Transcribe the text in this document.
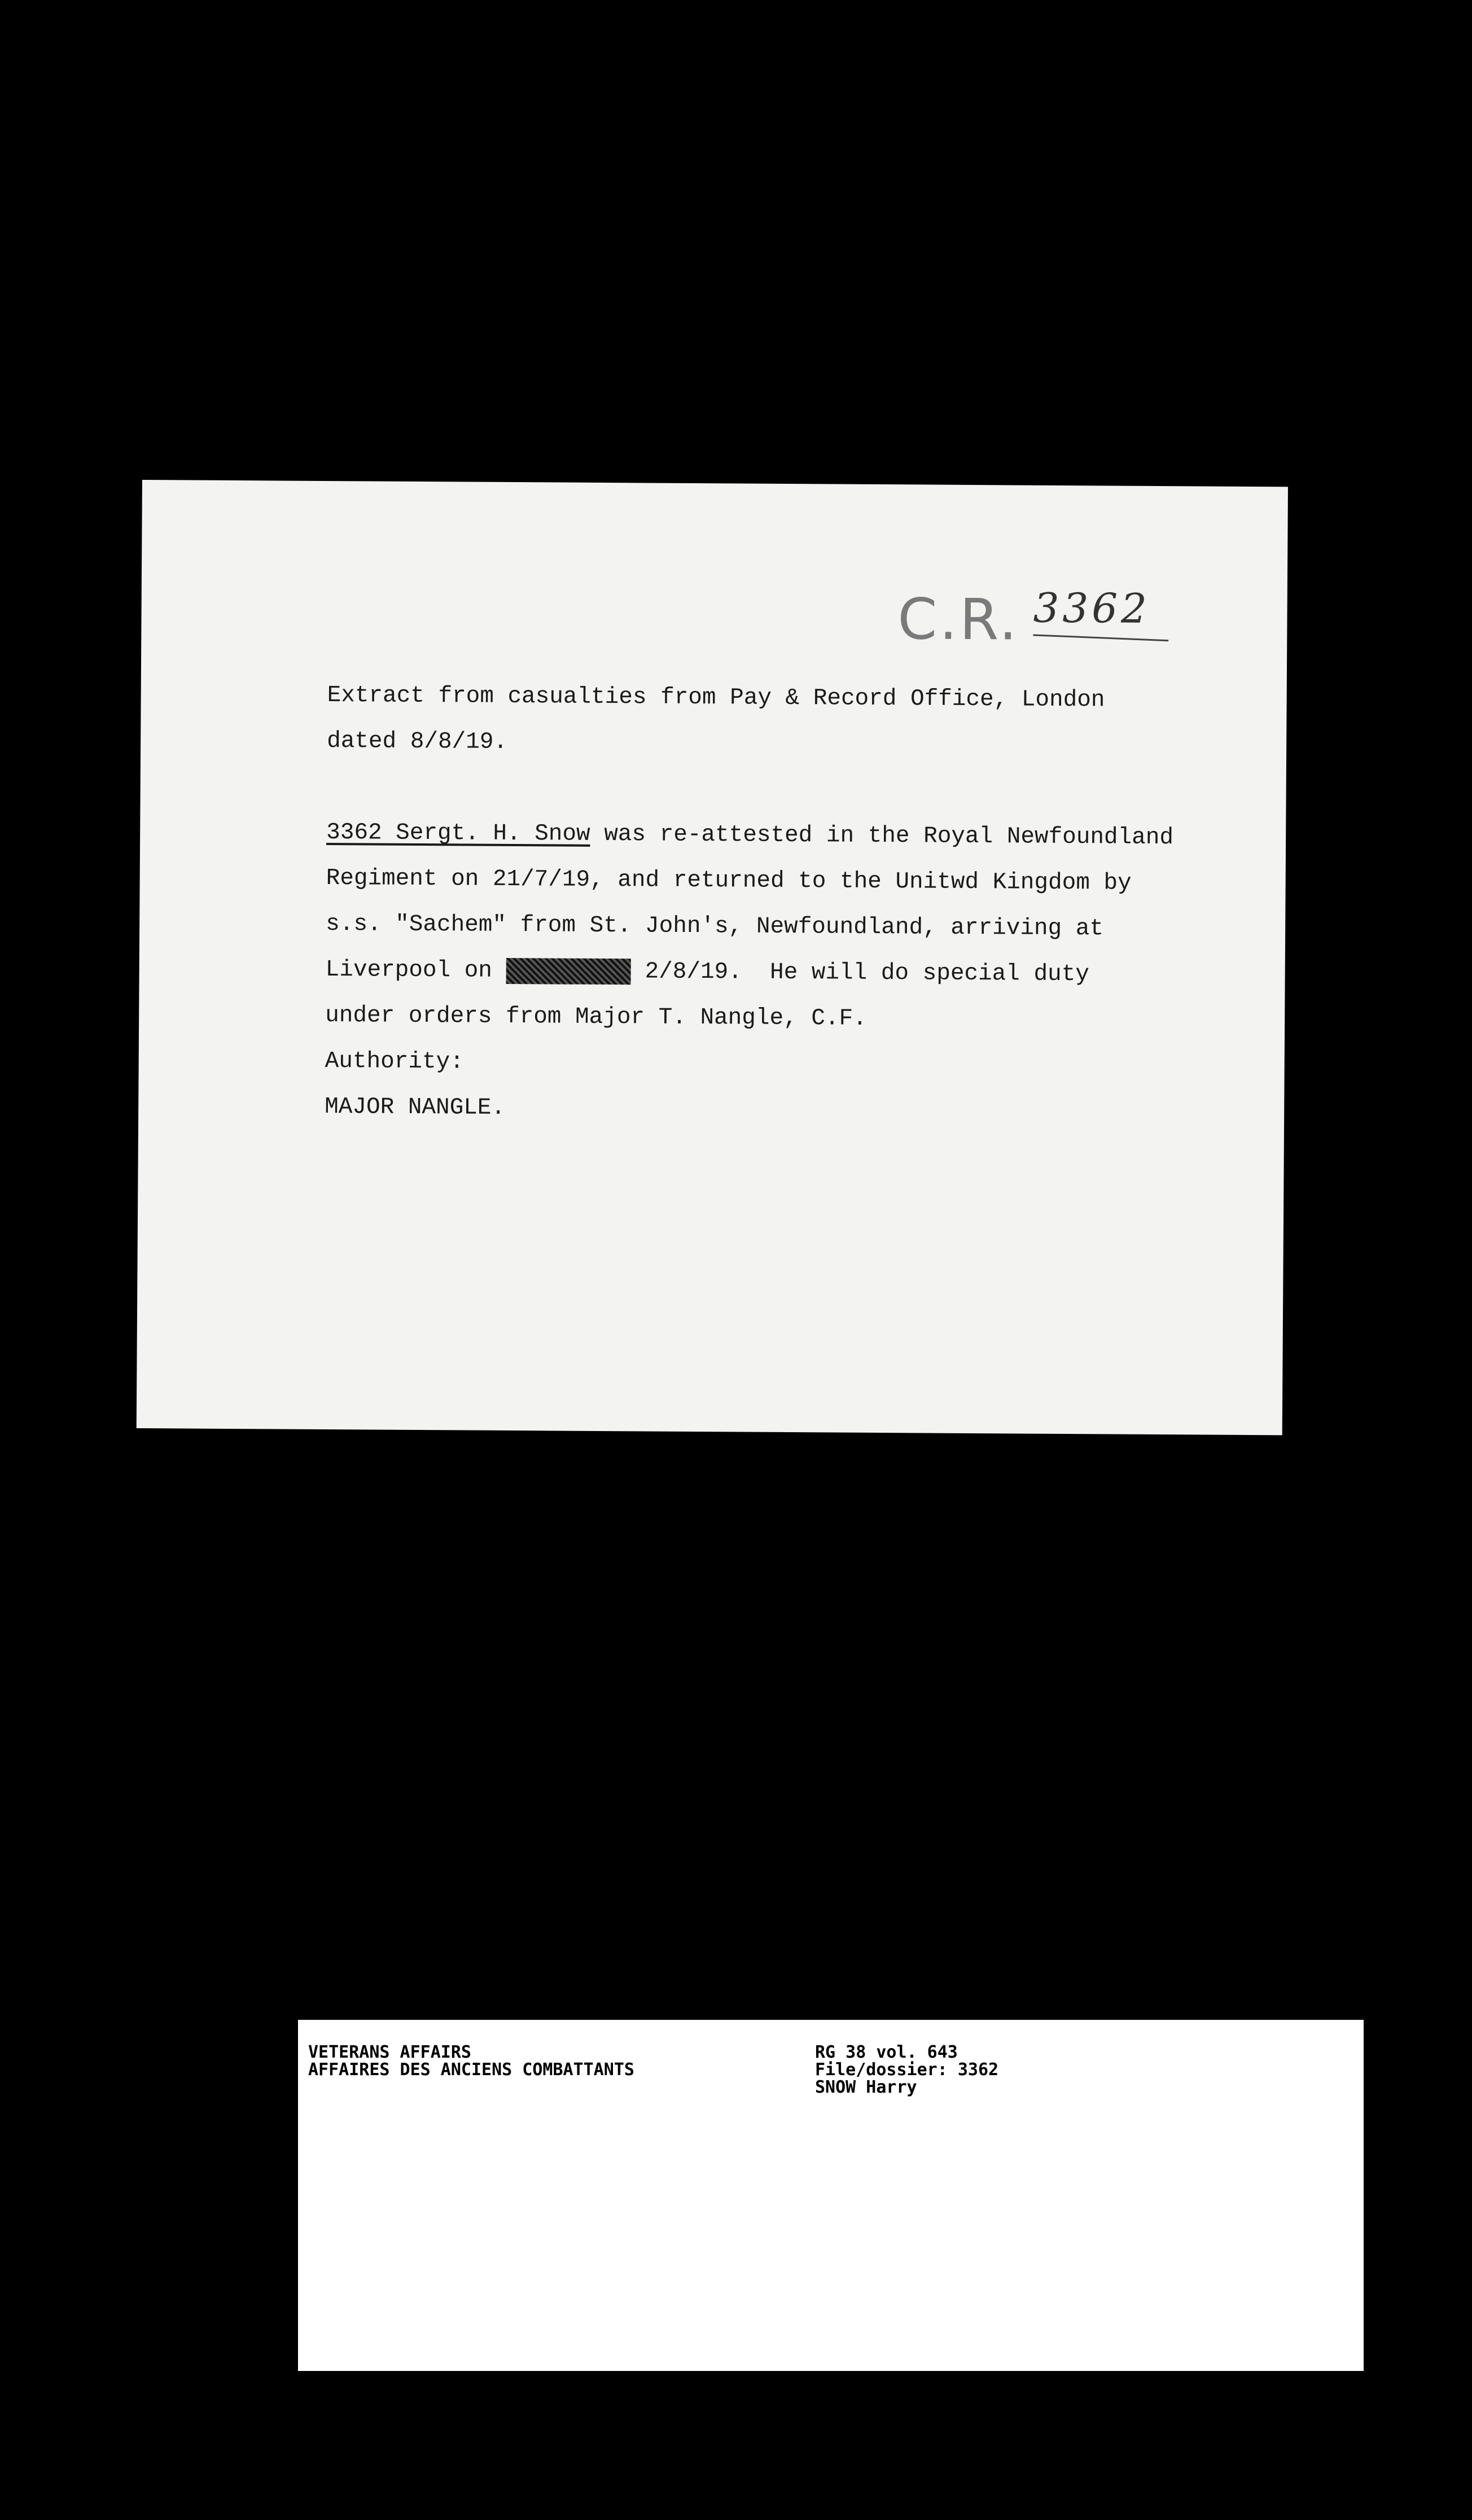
C.R. 3362

Extract from casualties from Pay & Record Office, London

dated 8/8/19.

3362 Sergt. H. Snow was re-attested in the Royal Newfoundland

Regiment on 21/7/19, and returned to the Unitwd Kingdom by

s.s. "Sachem" from St. John's, Newfoundland, arriving at

Liverpool on	2/8/19.  He will do special duty

under orders from Major T. Nangle, C.F.

Authority:

MAJOR NANGLE.

VETERANS AFFAIRS
AFFAIRES DES ANCIENS COMBATTANTS
RG 38 vol. 643
File/dossier: 3362
SNOW Harry
